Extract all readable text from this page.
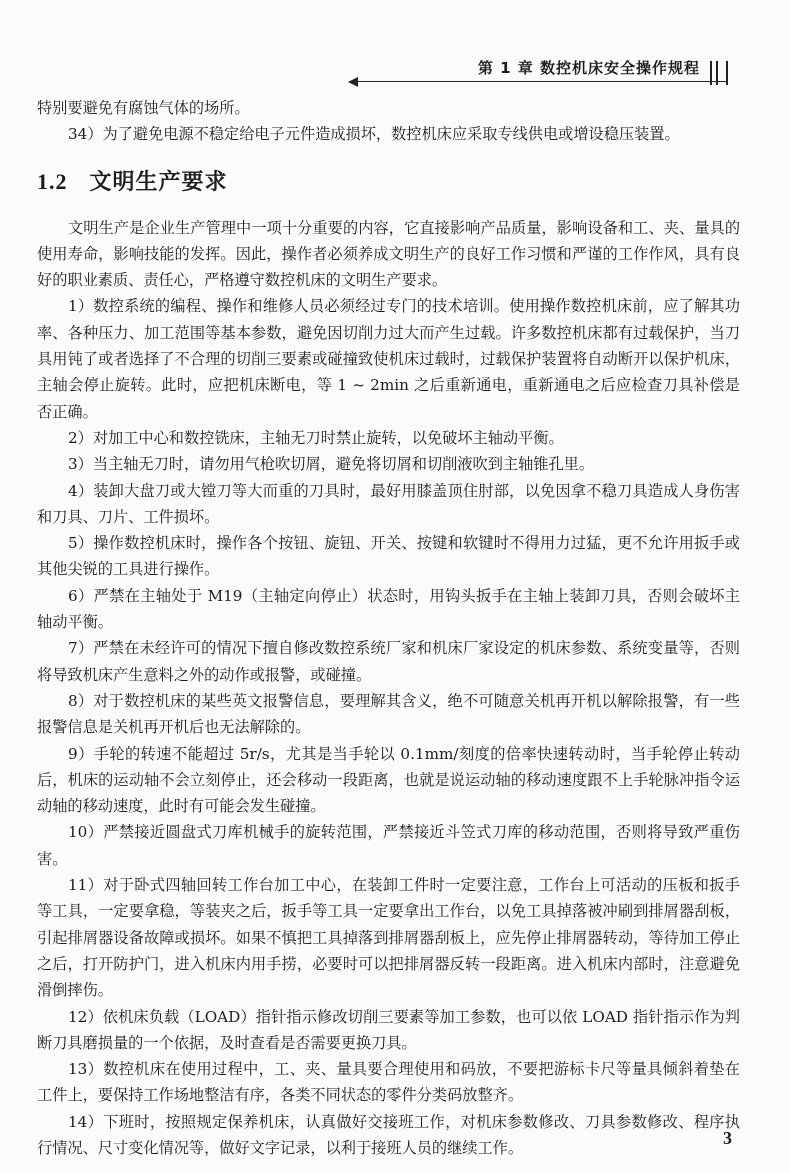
第 1 章 数控机床安全操作规程

特别要避免有腐蚀气体的场所。

34）为了避免电源不稳定给电子元件造成损坏，数控机床应采取专线供电或增设稳压装置。

1.2 文明生产要求

文明生产是企业生产管理中一项十分重要的内容，它直接影响产品质量，影响设备和工、夹、量具的使用寿命，影响技能的发挥。因此，操作者必须养成文明生产的良好工作习惯和严谨的工作作风，具有良好的职业素质、责任心，严格遵守数控机床的文明生产要求。

1）数控系统的编程、操作和维修人员必须经过专门的技术培训。使用操作数控机床前，应了解其功率、各种压力、加工范围等基本参数，避免因切削力过大而产生过载。许多数控机床都有过载保护，当刀具用钝了或者选择了不合理的切削三要素或碰撞致使机床过载时，过载保护装置将自动断开以保护机床，主轴会停止旋转。此时，应把机床断电，等 1 ~ 2min 之后重新通电，重新通电之后应检查刀具补偿是否正确。

2）对加工中心和数控铣床，主轴无刀时禁止旋转，以免破坏主轴动平衡。

3）当主轴无刀时，请勿用气枪吹切屑，避免将切屑和切削液吹到主轴锥孔里。

4）装卸大盘刀或大镗刀等大而重的刀具时，最好用膝盖顶住肘部，以免因拿不稳刀具造成人身伤害和刀具、刀片、工件损坏。

5）操作数控机床时，操作各个按钮、旋钮、开关、按键和软键时不得用力过猛，更不允许用扳手或其他尖锐的工具进行操作。

6）严禁在主轴处于 M19（主轴定向停止）状态时，用钩头扳手在主轴上装卸刀具，否则会破坏主轴动平衡。

7）严禁在未经许可的情况下擅自修改数控系统厂家和机床厂家设定的机床参数、系统变量等，否则将导致机床产生意料之外的动作或报警，或碰撞。

8）对于数控机床的某些英文报警信息，要理解其含义，绝不可随意关机再开机以解除报警，有一些报警信息是关机再开机后也无法解除的。

9）手轮的转速不能超过 5r/s，尤其是当手轮以 0.1mm/刻度的倍率快速转动时，当手轮停止转动后，机床的运动轴不会立刻停止，还会移动一段距离，也就是说运动轴的移动速度跟不上手轮脉冲指令运动轴的移动速度，此时有可能会发生碰撞。

10）严禁接近圆盘式刀库机械手的旋转范围，严禁接近斗笠式刀库的移动范围，否则将导致严重伤害。

11）对于卧式四轴回转工作台加工中心，在装卸工件时一定要注意，工作台上可活动的压板和扳手等工具，一定要拿稳，等装夹之后，扳手等工具一定要拿出工作台，以免工具掉落被冲刷到排屑器刮板，引起排屑器设备故障或损坏。如果不慎把工具掉落到排屑器刮板上，应先停止排屑器转动，等待加工停止之后，打开防护门，进入机床内用手捞，必要时可以把排屑器反转一段距离。进入机床内部时，注意避免滑倒摔伤。

12）依机床负载（LOAD）指针指示修改切削三要素等加工参数，也可以依 LOAD 指针指示作为判断刀具磨损量的一个依据，及时查看是否需要更换刀具。

13）数控机床在使用过程中，工、夹、量具要合理使用和码放，不要把游标卡尺等量具倾斜着垫在工件上，要保持工作场地整洁有序，各类不同状态的零件分类码放整齐。

14）下班时，按照规定保养机床，认真做好交接班工作，对机床参数修改、刀具参数修改、程序执行情况、尺寸变化情况等，做好文字记录，以利于接班人员的继续工作。	3
